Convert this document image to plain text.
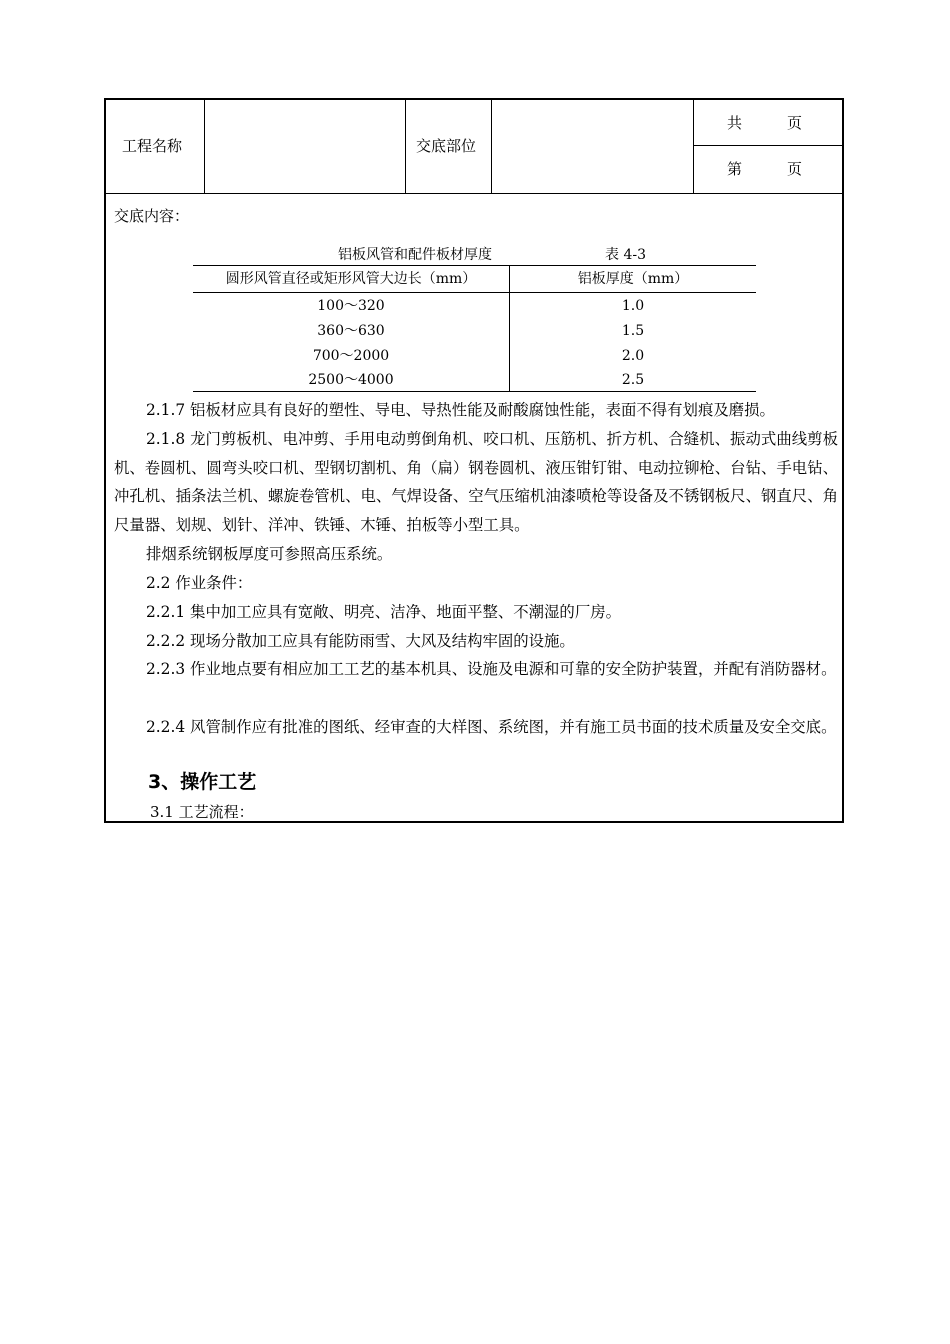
工程名称	交底部位
共　　　页
第　　　页
交底内容：
铝板风管和配件板材厚度	表 4-3
圆形风管直径或矩形风管大边长（mm）	铝板厚度（mm）
100～320	1.0
360～630	1.5
700～2000	2.0
2500～4000	2.5
2.1.7 铝板材应具有良好的塑性、导电、导热性能及耐酸腐蚀性能，表面不得有划痕及磨损。
2.1.8 龙门剪板机、电冲剪、手用电动剪倒角机、咬口机、压筋机、折方机、合缝机、振动式曲线剪板机、卷圆机、圆弯头咬口机、型钢切割机、角（扁）钢卷圆机、液压钳钉钳、电动拉铆枪、台钻、手电钻、冲孔机、插条法兰机、螺旋卷管机、电、气焊设备、空气压缩机油漆喷枪等设备及不锈钢板尺、钢直尺、角尺量器、划规、划针、洋冲、铁锤、木锤、拍板等小型工具。
排烟系统钢板厚度可参照高压系统。
2.2 作业条件：
2.2.1 集中加工应具有宽敞、明亮、洁净、地面平整、不潮湿的厂房。
2.2.2 现场分散加工应具有能防雨雪、大风及结构牢固的设施。
2.2.3 作业地点要有相应加工工艺的基本机具、设施及电源和可靠的安全防护装置，并配有消防器材。
2.2.4 风管制作应有批准的图纸、经审查的大样图、系统图，并有施工员书面的技术质量及安全交底。
3、操作工艺
3.1 工艺流程：
